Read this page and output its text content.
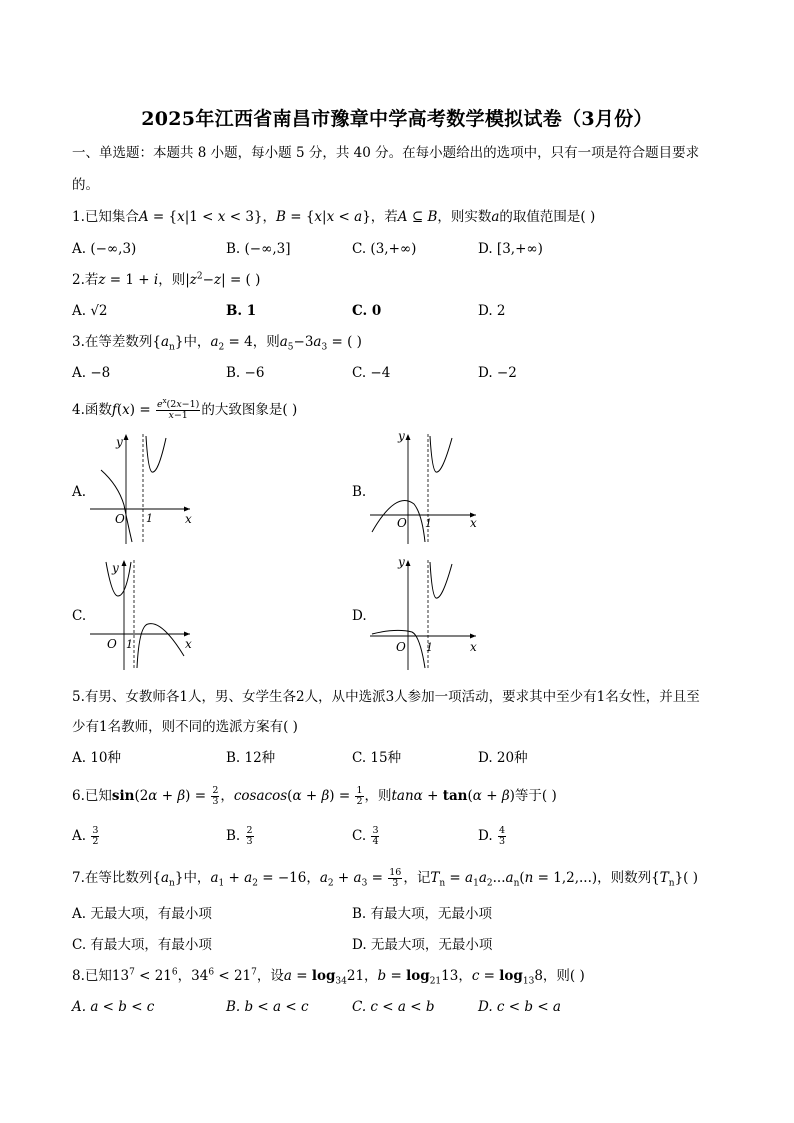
2025年江西省南昌市豫章中学高考数学模拟试卷（3月份）
一、单选题：本题共 8 小题，每小题 5 分，共 40 分。在每小题给出的选项中，只有一项是符合题目要求
的。
1.已知集合A = {x|1 < x < 3}，B = {x|x < a}，若A ⊆ B，则实数a的取值范围是( )
A. (−∞,3)	B. (−∞,3]	C. (3,+∞)	D. [3,+∞)
2.若z = 1 + i，则$|z^2-z|$ = ( )
A. √2	B. 1	C. 0	D. 2
3.在等差数列$\{a_n\}$中，$a_2 = 4$，则$a_5-3a_3$ = ( )
A. −8	B. −6	C. −4	D. −2
4.函数$f(x) = \frac{e^x(2x-1)}{x-1}$ 的大致图象是( )
A.
y
x
O 1
B.
y
x
O 1
C.
y
x
O 1
D.
y
x
O 1
5.有男、女教师各1人，男、女学生各2人，从中选派3人参加一项活动，要求其中至少有1名女性，并且至
少有1名教师，则不同的选派方案有( )
A. 10种	B. 12种	C. 15种	D. 20种
6.已知$\sin(2\alpha + \beta) = \frac{2}{3}$ ，cosacos(α + $\beta) = \frac{1}{2}$ ，则tanα + tan(α + β)等于( )
A. $\frac{3}{2}$	B. $\frac{2}{3}$	C. $\frac{3}{4}$	D. $\frac{4}{3}$
7.在等比数列$\{a_n\}$中，$a_1 + a_2 = -16$，$a_2 + a_3 = \frac{16}{3}$ ，记$T_n = a_1a_2...a_n(n = 1,2,...)$，则数列$\{T_n\}$( )
A. 无最大项，有最小项	B. 有最大项，无最小项
C. 有最大项，有最小项	D. 无最大项，无最小项
8.已知$13^7 < 21^6$，$34^6 < 21^7$，设$a = \log_{34}21$，$b = \log_{21}13$，$c = \log_{13}8$，则( )
A. a < b < c	B. b < a < c	C. c < a < b	D. c < b < a
